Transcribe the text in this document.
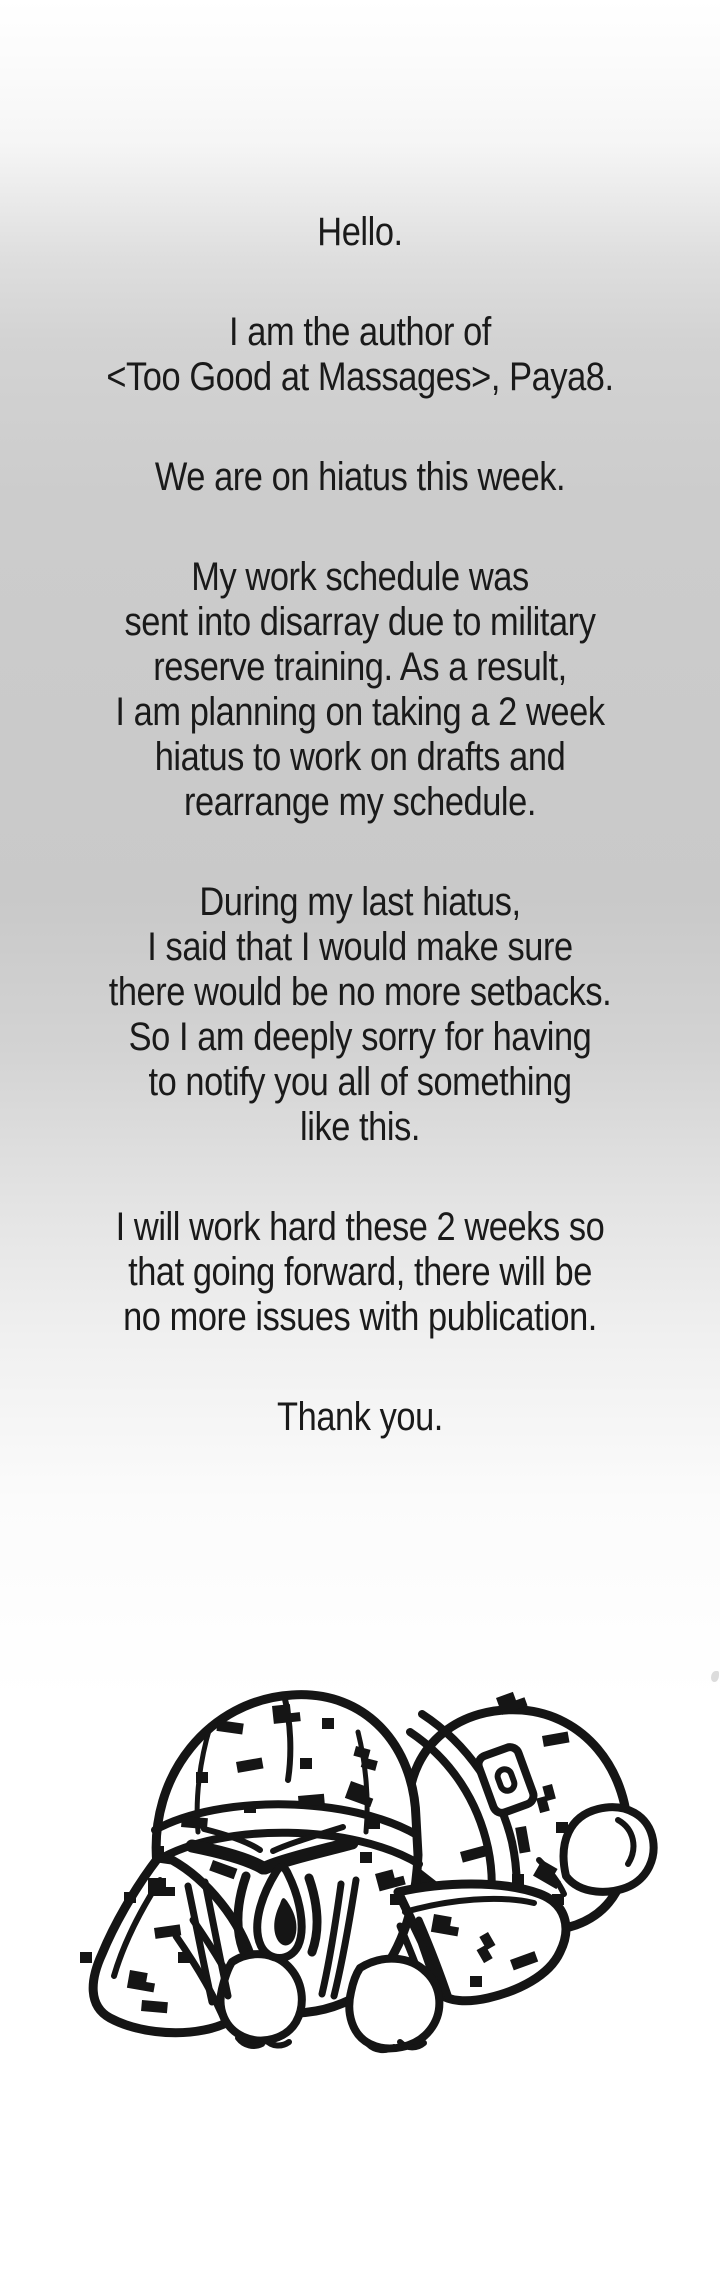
Hello.
I am the author of
<Too Good at Massages>, Paya8.
We are on hiatus this week.
My work schedule was
sent into disarray due to military
reserve training. As a result,
I am planning on taking a 2 week
hiatus to work on drafts and
rearrange my schedule.
During my last hiatus,
I said that I would make sure
there would be no more setbacks.
So I am deeply sorry for having
to notify you all of something
like this.
I will work hard these 2 weeks so
that going forward, there will be
no more issues with publication.
Thank you.
